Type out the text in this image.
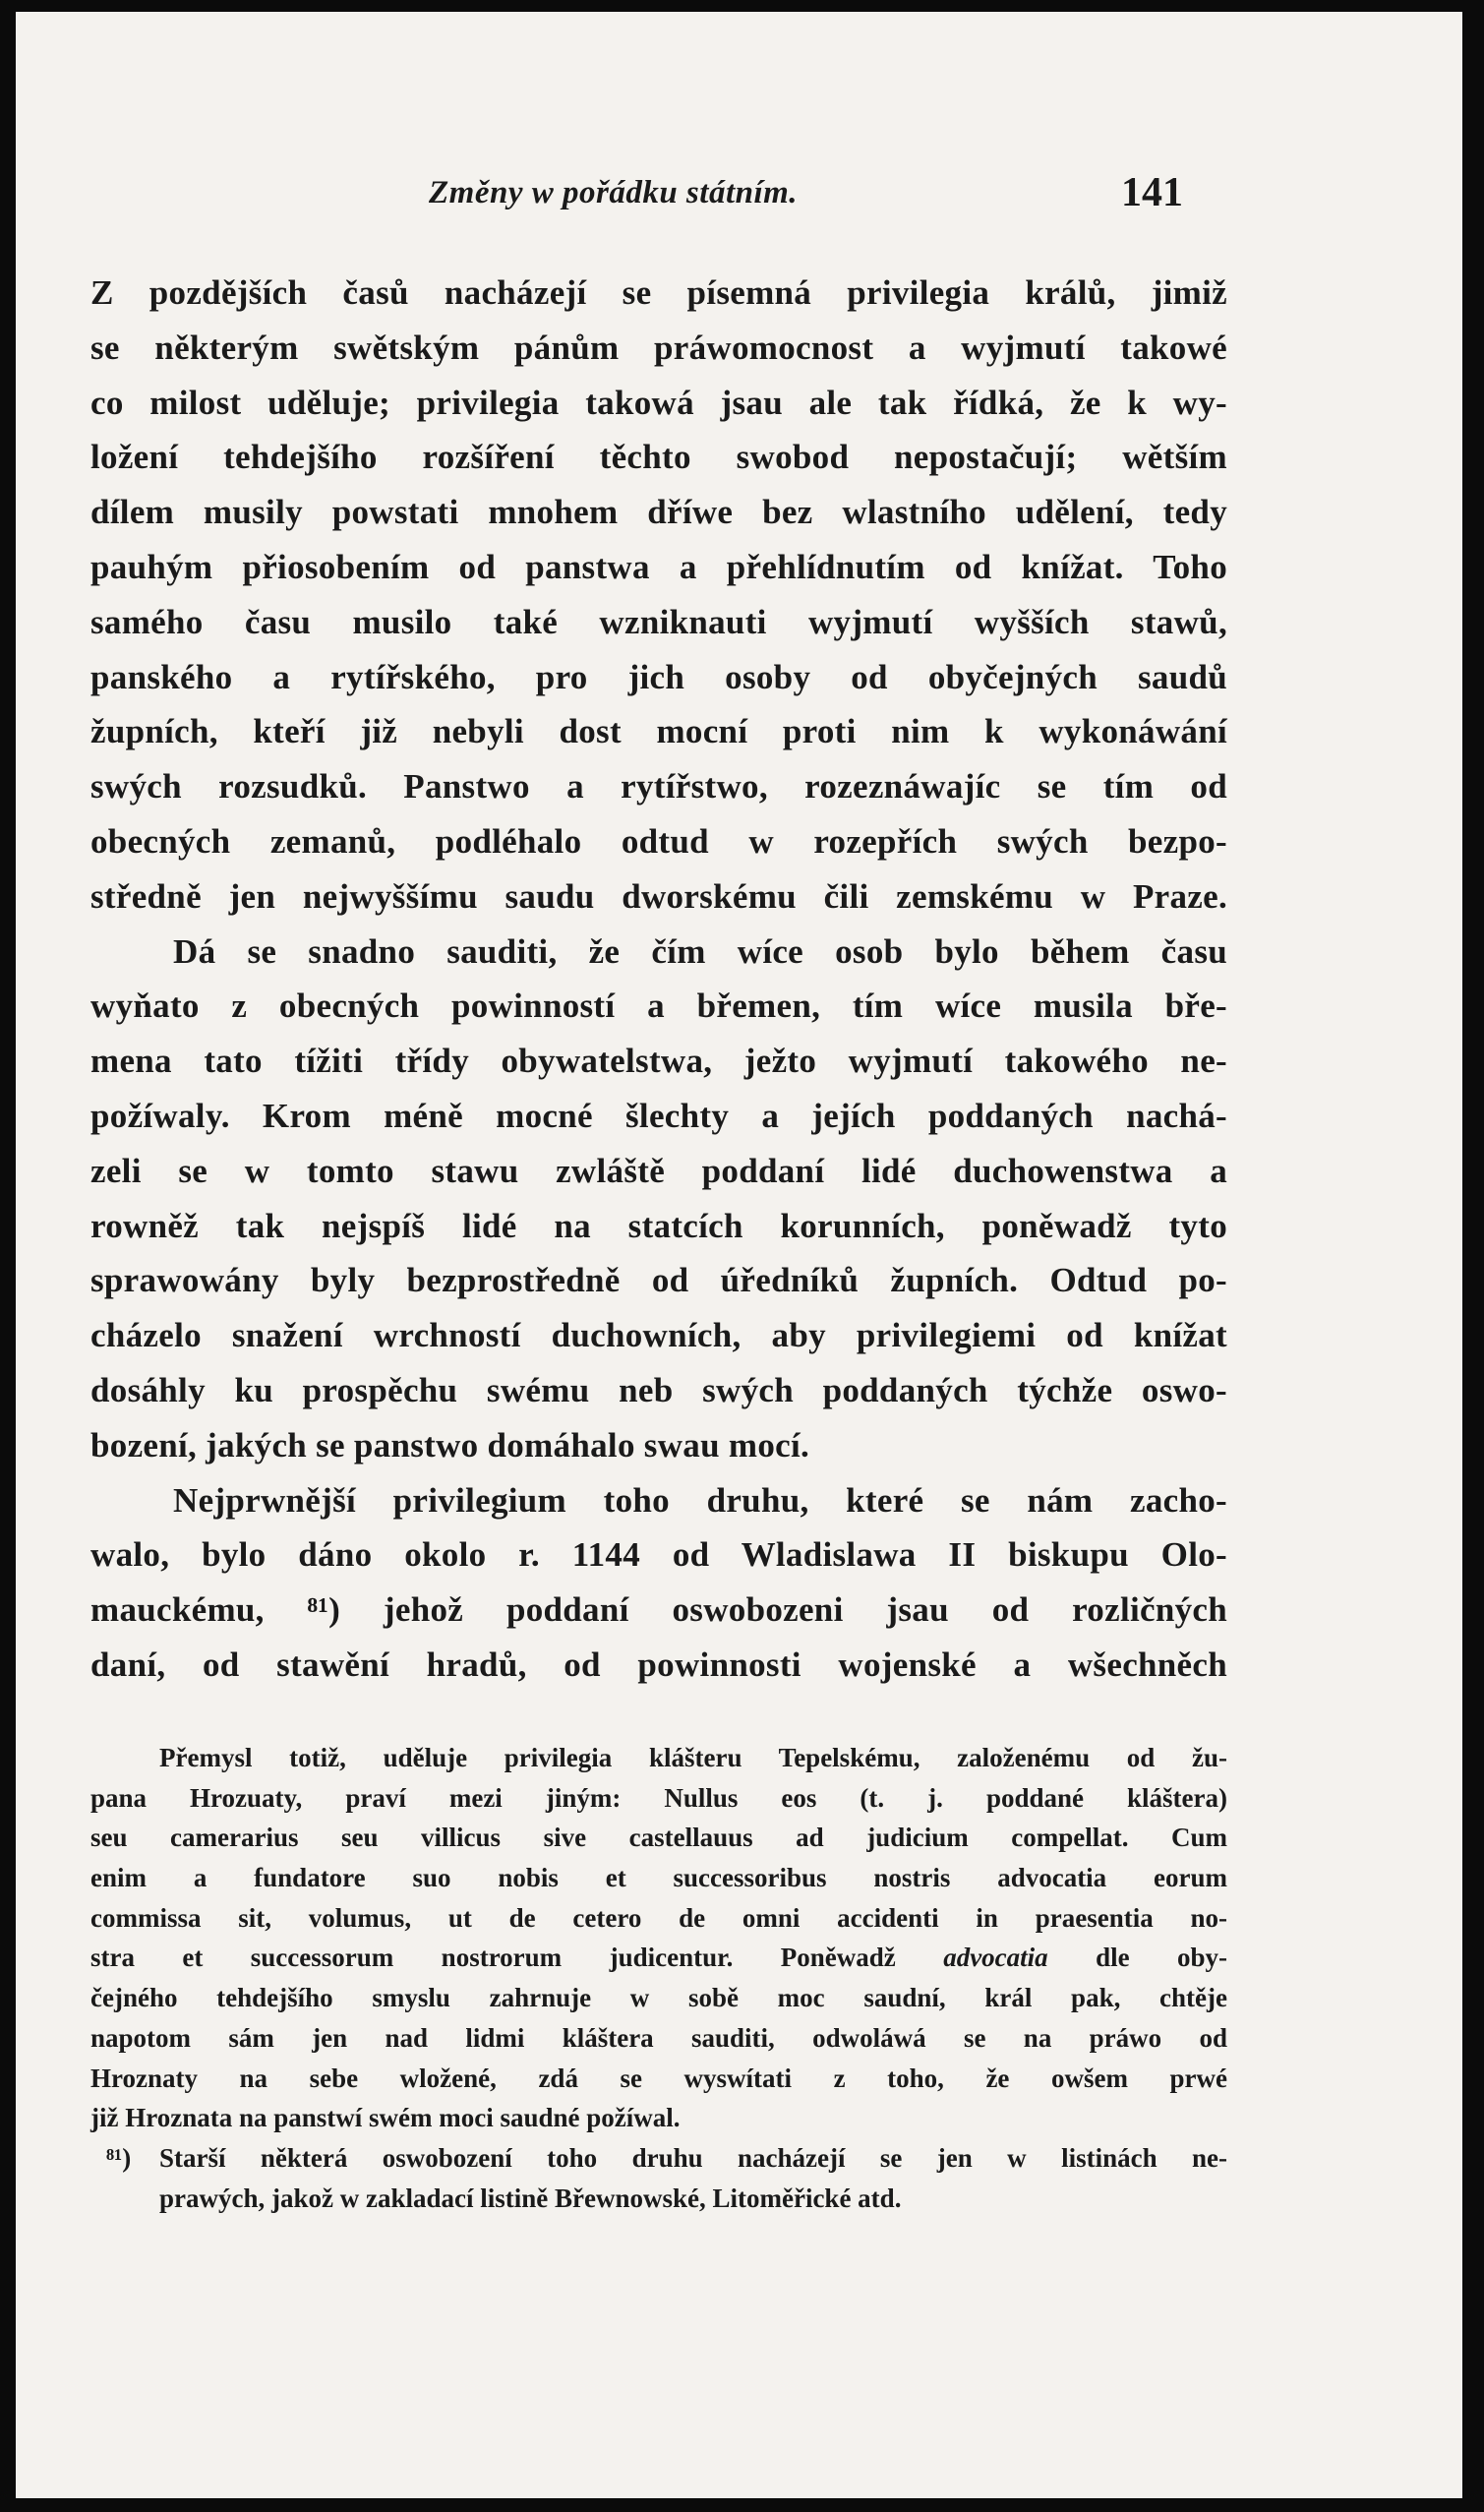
Změny w pořádku státním.	141
Z pozdějších časů nacházejí se písemná privilegia králů, jimiž
se některým swětským pánům práwomocnost a wyjmutí takowé
co milost uděluje; privilegia takowá jsau ale tak řídká, že k wy-
ložení tehdejšího rozšíření těchto swobod nepostačují; wětším
dílem musily powstati mnohem dříwe bez wlastního udělení, tedy
pauhým přiosobením od panstwa a přehlídnutím od knížat. Toho
samého času musilo také wzniknauti wyjmutí wyšších stawů,
panského a rytířského, pro jich osoby od obyčejných saudů
župních, kteří již nebyli dost mocní proti nim k wykonáwání
swých rozsudků. Panstwo a rytířstwo, rozeznáwajíc se tím od
obecných zemanů, podléhalo odtud w rozepřích swých bezpo-
středně jen nejwyššímu saudu dworskému čili zemskému w Praze.
Dá se snadno sauditi, že čím wíce osob bylo během času
wyňato z obecných powinností a břemen, tím wíce musila bře-
mena tato tížiti třídy obywatelstwa, ježto wyjmutí takowého ne-
požíwaly. Krom méně mocné šlechty a jejích poddaných nachá-
zeli se w tomto stawu zwláště poddaní lidé duchowenstwa a
rowněž tak nejspíš lidé na statcích korunních, poněwadž tyto
sprawowány byly bezprostředně od úředníků župních. Odtud po-
cházelo snažení wrchností duchowních, aby privilegiemi od knížat
dosáhly ku prospěchu swému neb swých poddaných týchže oswo-
bození, jakých se panstwo domáhalo swau mocí.
Nejprwnější privilegium toho druhu, které se nám zacho-
walo, bylo dáno okolo r. 1144 od Wladislawa II biskupu Olo-
mauckému, ⁸¹) jehož poddaní oswobozeni jsau od rozličných
daní, od stawění hradů, od powinnosti wojenské a wšechněch
Přemysl totiž, uděluje privilegia klášteru Tepelskému, založenému od žu-
pana Hrozuaty, praví mezi jiným: Nullus eos (t. j. poddané kláštera)
seu camerarius seu villicus sive castellauus ad judicium compellat. Cum
enim a fundatore suo nobis et successoribus nostris advocatia eorum
commissa sit, volumus, ut de cetero de omni accidenti in praesentia no-
stra et successorum nostrorum judicentur. Poněwadž advocatia dle oby-
čejného tehdejšího smyslu zahrnuje w sobě moc saudní, král pak, chtěje
napotom sám jen nad lidmi kláštera sauditi, odwoláwá se na práwo od
Hroznaty na sebe wložené, zdá se wyswítati z toho, že owšem prwé
již Hroznata na panstwí swém moci saudné požíwal.
⁸¹) Starší některá oswobození toho druhu nacházejí se jen w listinách ne-
prawých, jakož w zakladací listině Břewnowské, Litoměřické atd.
